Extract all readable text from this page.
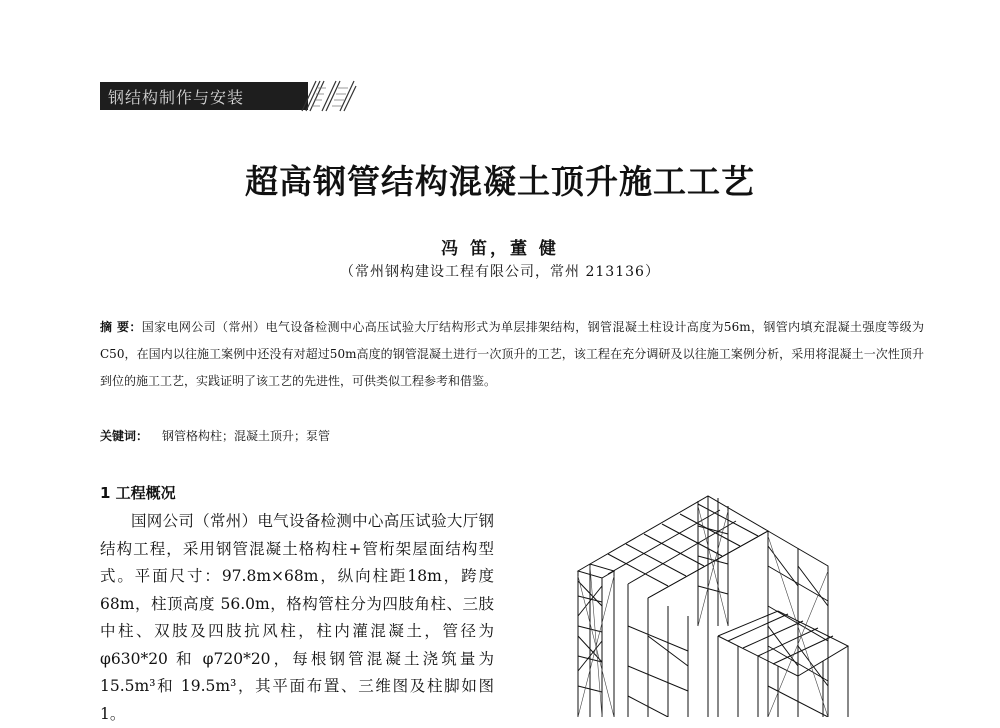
钢结构制作与安装
超高钢管结构混凝土顶升施工工艺
冯 笛，董 健
（常州钢构建设工程有限公司，常州 213136）
摘 要：国家电网公司（常州）电气设备检测中心高压试验大厅结构形式为单层排架结构，钢管混凝土柱设计高度为56m，钢管内填充混凝土强度等级为C50，在国内以往施工案例中还没有对超过50m高度的钢管混凝土进行一次顶升的工艺，该工程在充分调研及以往施工案例分析，采用将混凝土一次性顶升到位的施工工艺，实践证明了该工艺的先进性，可供类似工程参考和借鉴。
关键词： 钢管格构柱；混凝土顶升；泵管
1 工程概况
国网公司（常州）电气设备检测中心高压试验大厅钢结构工程，采用钢管混凝土格构柱+管桁架屋面结构型式。平面尺寸：97.8m×68m，纵向柱距18m，跨度 68m，柱顶高度 56.0m，格构管柱分为四肢角柱、三肢中柱、双肢及四肢抗风柱，柱内灌混凝土，管径为 φ630*20 和 φ720*20，每根钢管混凝土浇筑量为 15.5m³和 19.5m³，其平面布置、三维图及柱脚如图 1。
